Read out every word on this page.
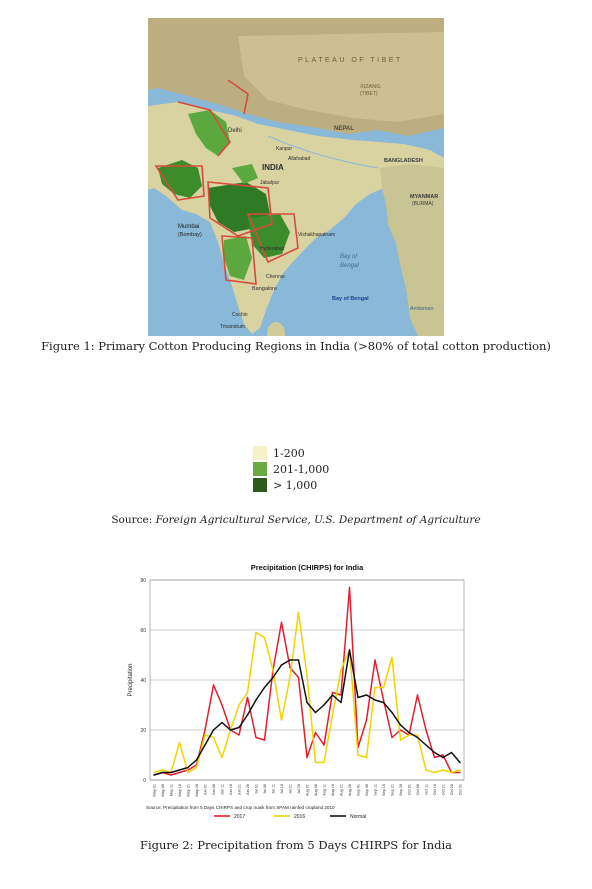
PLATEAU OF TIBET
XIZANG
(TIBET)
NEPAL
BANGLADESH
MYANMAR
(BURMA)
INDIA
Delhi
Kanpur
Allahabad
Jabalpur
Mumbai
(Bombay)
Hyderabad
Vishakhapatnam
Bangalore
Chennai
Cochin
Trivandrum
Bay of
Bengal
Bay of Bengal
Andaman
Figure 1: Primary Cotton Producing Regions in India (>80% of total cotton production)
1-200
201-1,000
> 1,000
Source: Foreign Agricultural Service, U.S. Department of Agriculture
Precipitation (CHIRPS) for India
0
20
40
60
80
Precipitation
May 01 May 06 May 11 May 16 May 21 May 26 Jun 01 Jun 06 Jun 11 Jun 16 Jun 21 Jun 26 Jul 01 Jul 06 Jul 11 Jul 16 Jul 21 Jul 26 Aug 01 Aug 06 Aug 11 Aug 16 Aug 21 Aug 26 Sep 01 Sep 06 Sep 11 Sep 16 Sep 21 Sep 26 Oct 01 Oct 06 Oct 11 Oct 16 Oct 21 Oct 26 Oct 31
Source: Precipitation from 5 Days CHIRPS and crop mask from SPAM rainfed cropland 2010
2017	2016	Normal
Figure 2: Precipitation from 5 Days CHIRPS for India
